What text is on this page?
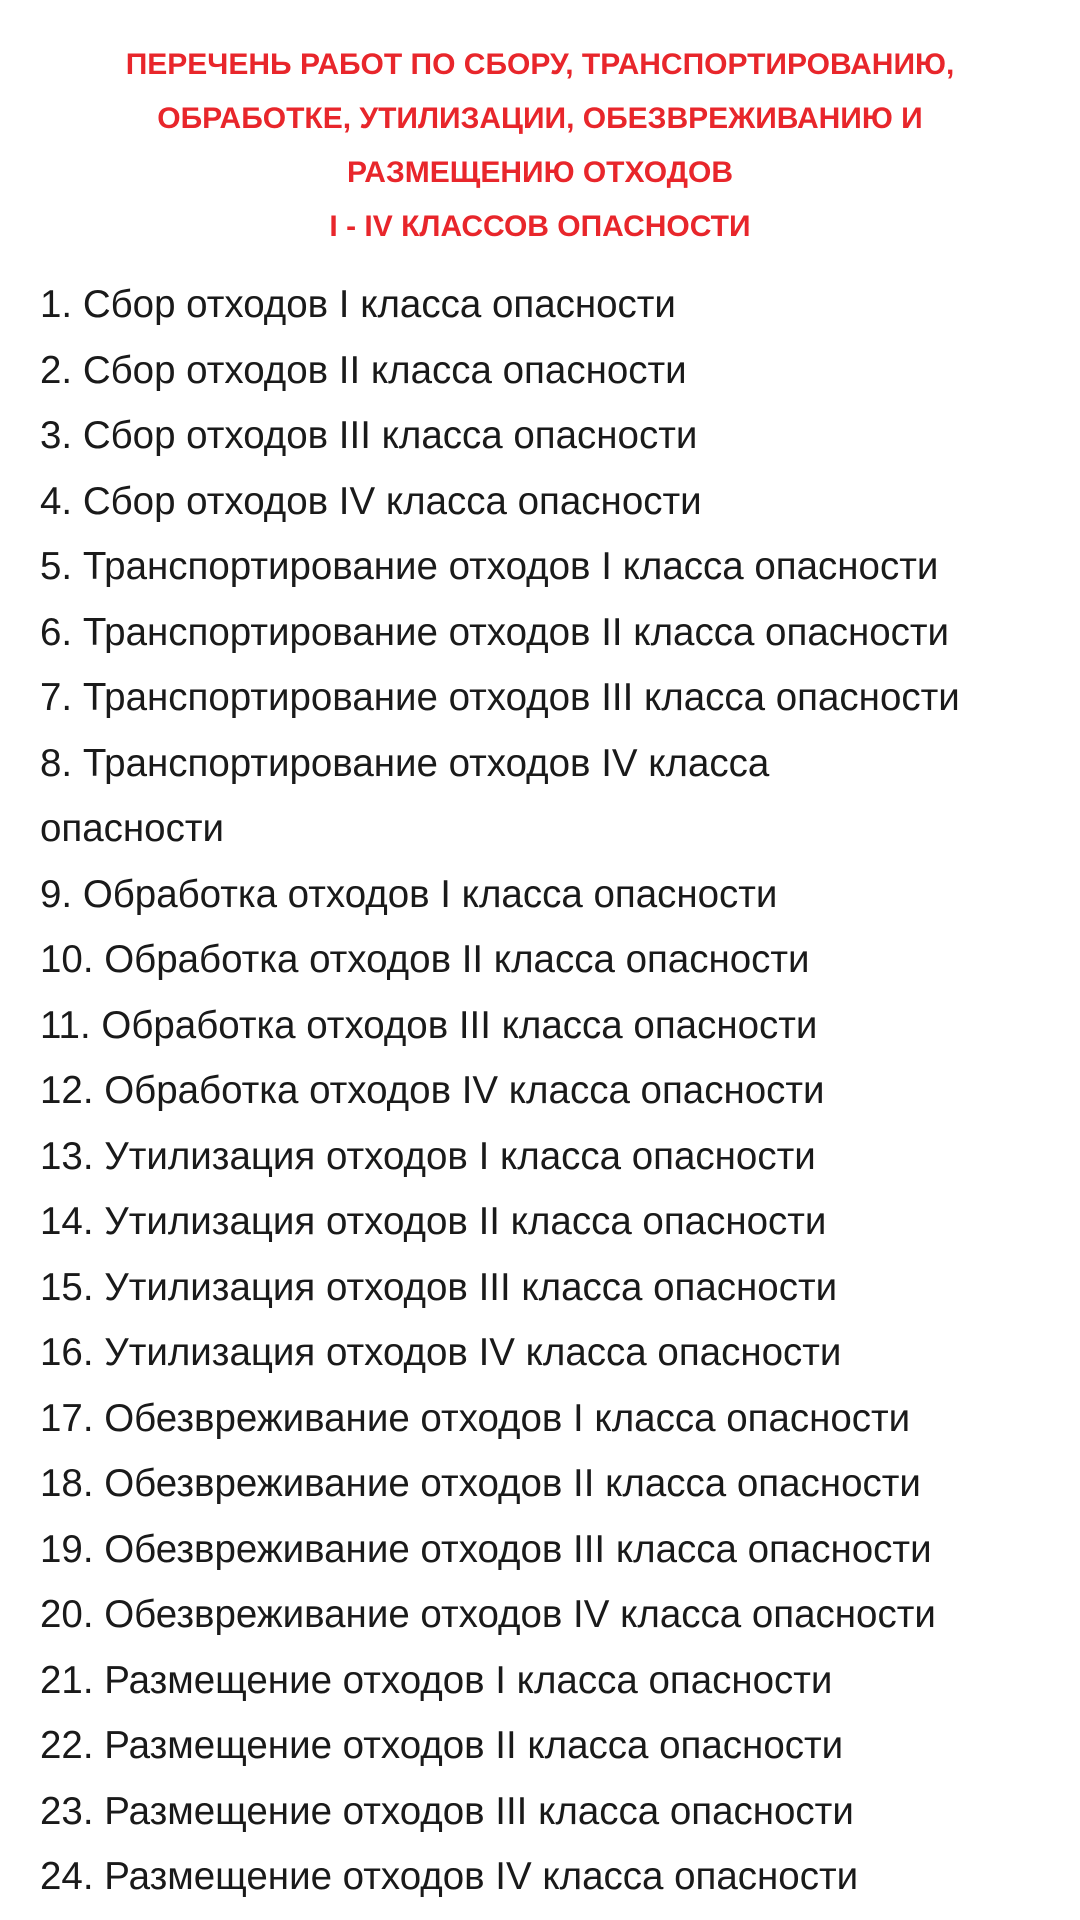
ПЕРЕЧЕНЬ РАБОТ ПО СБОРУ, ТРАНСПОРТИРОВАНИЮ,
ОБРАБОТКЕ, УТИЛИЗАЦИИ, ОБЕЗВРЕЖИВАНИЮ И
РАЗМЕЩЕНИЮ ОТХОДОВ
I - IV КЛАССОВ ОПАСНОСТИ
1. Сбор отходов I класса опасности
2. Сбор отходов II класса опасности
3. Сбор отходов III класса опасности
4. Сбор отходов IV класса опасности
5. Транспортирование отходов I класса опасности
6. Транспортирование отходов II класса опасности
7. Транспортирование отходов III класса опасности
8. Транспортирование отходов IV класса опасности
9. Обработка отходов I класса опасности
10. Обработка отходов II класса опасности
11. Обработка отходов III класса опасности
12. Обработка отходов IV класса опасности
13. Утилизация отходов I класса опасности
14. Утилизация отходов II класса опасности
15. Утилизация отходов III класса опасности
16. Утилизация отходов IV класса опасности
17. Обезвреживание отходов I класса опасности
18. Обезвреживание отходов II класса опасности
19. Обезвреживание отходов III класса опасности
20. Обезвреживание отходов IV класса опасности
21. Размещение отходов I класса опасности
22. Размещение отходов II класса опасности
23. Размещение отходов III класса опасности
24. Размещение отходов IV класса опасности
